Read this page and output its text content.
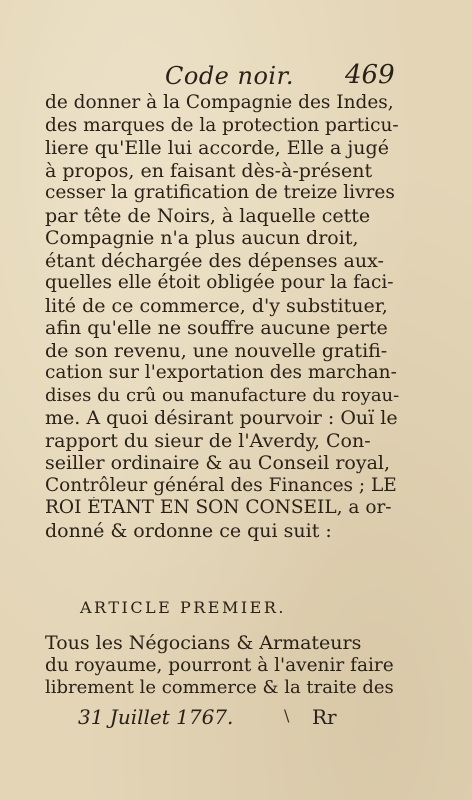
Code noir. 469
de donner à la Compagnie des Indes,
des marques de la protection particu-
liere qu'Elle lui accorde, Elle a jugé
à propos, en faisant dès-à-présent
cesser la gratification de treize livres
par tête de Noirs, à laquelle cette
Compagnie n'a plus aucun droit,
étant déchargée des dépenses aux-
quelles elle étoit obligée pour la faci-
lité de ce commerce, d'y substituer,
afin qu'elle ne souffre aucune perte
de son revenu, une nouvelle gratifi-
cation sur l'exportation des marchan-
dises du crû ou manufacture du royau-
me. A quoi désirant pourvoir : Ouï le
rapport du sieur de l'Averdy, Con-
seiller ordinaire & au Conseil royal,
Contrôleur général des Finances ; LE
ROI ÉTANT EN SON CONSEIL, a or-
donné & ordonne ce qui suit :
ARTICLE PREMIER.
Tous les Négocians & Armateurs
du royaume, pourront à l'avenir faire
librement le commerce & la traite des
31 Juillet 1767.	Rr
\
